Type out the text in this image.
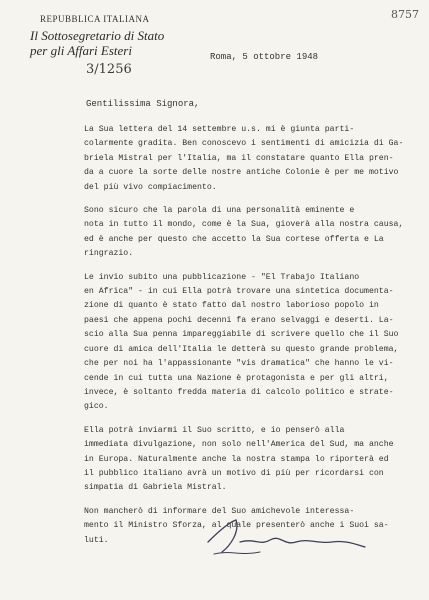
8757
REPUBBLICA ITALIANA
Il Sottosegretario di Stato
per gli Affari Esteri
3/1256
Roma, 5 ottobre 1948
Gentilissima Signora,

Lа Sua lettera del 14 settembre u.s. mi è giunta parti-
colarmente gradita. Ben conoscevo i sentimenti di amicizia di Ga-
briela Mistral per l'Italia, ma il constatare quanto Ella pren-
da a cuore la sorte delle nostre antiche Colonie è per me motivo
del più vivo compiacimento.

Sono sicuro che la parola di una personalità eminente e
nota in tutto il mondo, come è la Sua, gioverà alla nostra causa,
ed è anche per questo che accetto la Sua cortese offerta e La
ringrazio.

Le invio subito una pubblicazione - "El Trabajo Italiano
en Africa" - in cui Ella potrà trovare una sintetica documenta-
zione di quanto è stato fatto dal nostro laborioso popolo in
paesi che appena pochi decenni fa erano selvaggi e deserti. La-
scio alla Sua penna impareggiabile di scrivere quello che il Suo
cuore di amica dell'Italia le detterà su questo grande problema,
che per noi ha l'appassionante "vis dramatica" che hanno le vi-
cende in cui tutta una Nazione è protagonista e per gli altri,
invece, è soltanto fredda materia di calcolo politico e strate-
gico.

Ella potrà inviarmi il Suo scritto, e io penserò alla
immediata divulgazione, non solo nell'America del Sud, ma anche
in Europa. Naturalmente anche la nostra stampa lo riporterà ed
il pubblico italiano avrà un motivo di più per ricordarsi con
simpatia di Gabriela Mistral.

Non mancherò di informare del Suo amichevole interessa-
mento il Ministro Sforza, al quale presenterò anche i Suoi sa-
luti.
